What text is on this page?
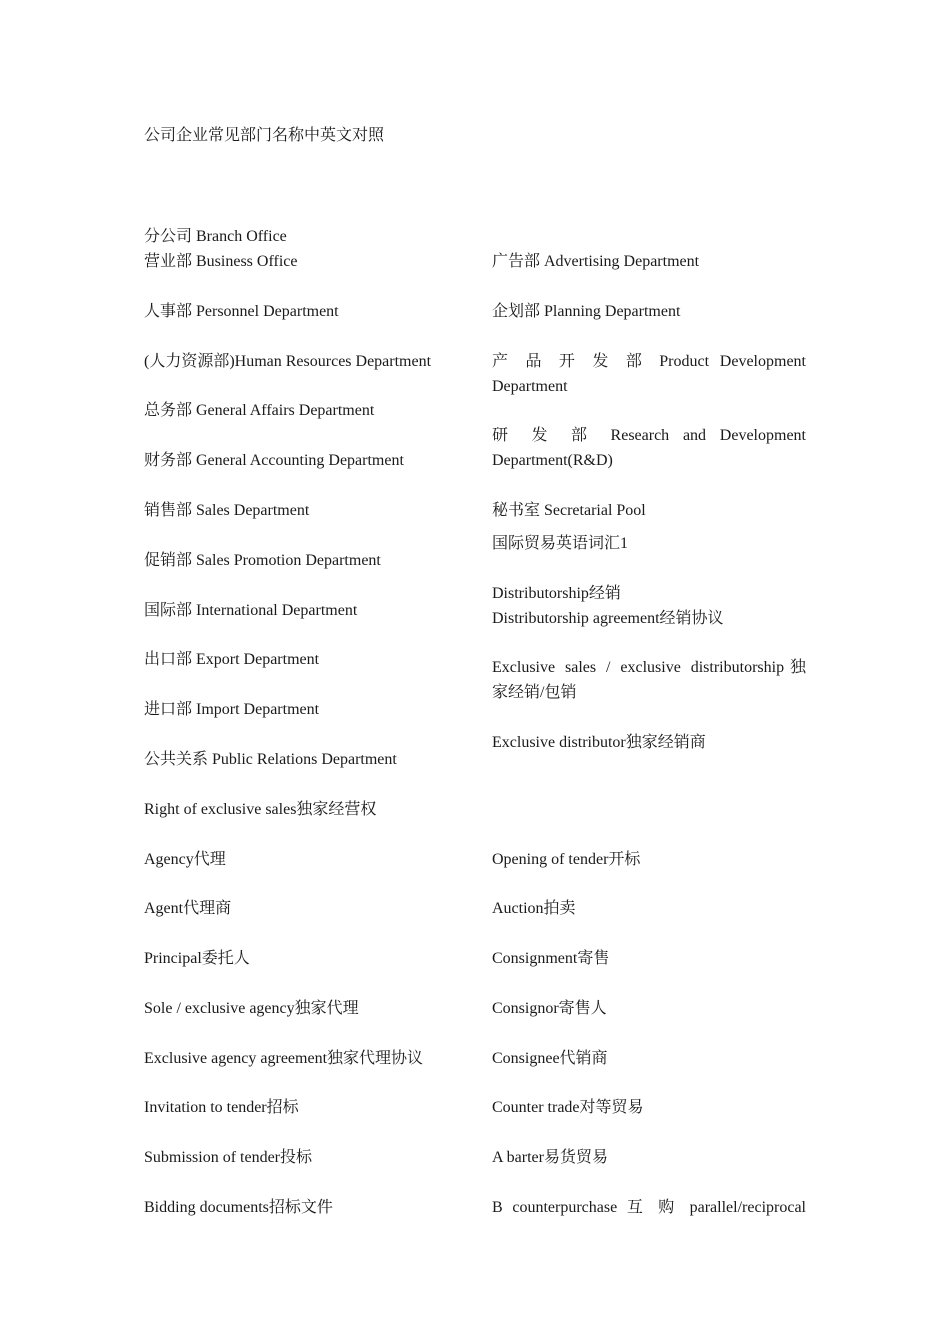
公司企业常见部门名称中英文对照
分公司 Branch Office
营业部 Business Office
人事部 Personnel Department
(人力资源部)Human Resources Department
总务部 General Affairs Department
财务部 General Accounting Department
销售部 Sales Department
促销部 Sales Promotion Department
国际部 International Department
出口部 Export Department
进口部 Import Department
公共关系 Public Relations Department
Right of exclusive sales独家经营权
Agency代理
Agent代理商
Principal委托人
Sole / exclusive agency独家代理
Exclusive agency agreement独家代理协议
Invitation to tender招标
Submission of tender投标
Bidding documents招标文件
广告部 Advertising Department
企划部 Planning Department
产 品 开 发 部 Product Development
Department
研 发 部 Research and Development
Department(R&D)
秘书室 Secretarial Pool
国际贸易英语词汇1
Distributorship经销
Distributorship agreement经销协议
Exclusive sales / exclusive distributorship独
家经销/包销
Exclusive distributor独家经销商
Opening of tender开标
Auction拍卖
Consignment寄售
Consignor寄售人
Consignee代销商
Counter trade对等贸易
A barter易货贸易
B counterpurchase 互 购 parallel/reciprocal
